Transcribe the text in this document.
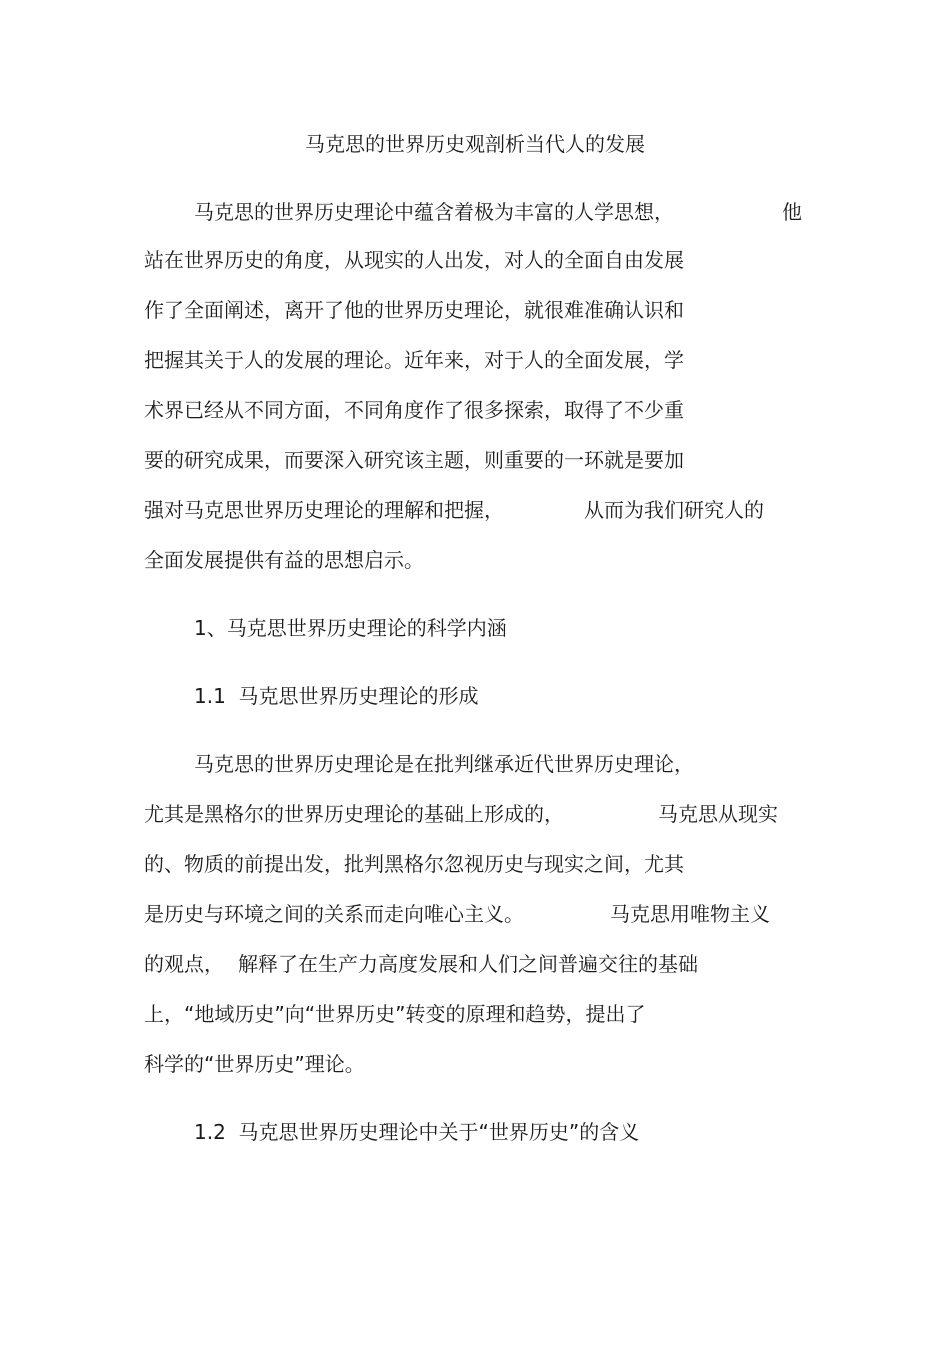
马克思的世界历史观剖析当代人的发展
马克思的世界历史理论中蕴含着极为丰富的人学思想，	他
站在世界历史的角度，从现实的人出发，对人的全面自由发展
作了全面阐述，离开了他的世界历史理论，就很难准确认识和
把握其关于人的发展的理论。近年来，对于人的全面发展，学
术界已经从不同方面，不同角度作了很多探索，取得了不少重
要的研究成果，而要深入研究该主题，则重要的一环就是要加
强对马克思世界历史理论的理解和把握，	从而为我们研究人的
全面发展提供有益的思想启示。
1、马克思世界历史理论的科学内涵
1.1  马克思世界历史理论的形成
马克思的世界历史理论是在批判继承近代世界历史理论，
尤其是黑格尔的世界历史理论的基础上形成的，	马克思从现实
的、物质的前提出发，批判黑格尔忽视历史与现实之间，尤其
是历史与环境之间的关系而走向唯心主义。	马克思用唯物主义
的观点， 解释了在生产力高度发展和人们之间普遍交往的基础
上，“地域历史”向“世界历史”转变的原理和趋势，提出了
科学的“世界历史”理论。
1.2  马克思世界历史理论中关于“世界历史”的含义
